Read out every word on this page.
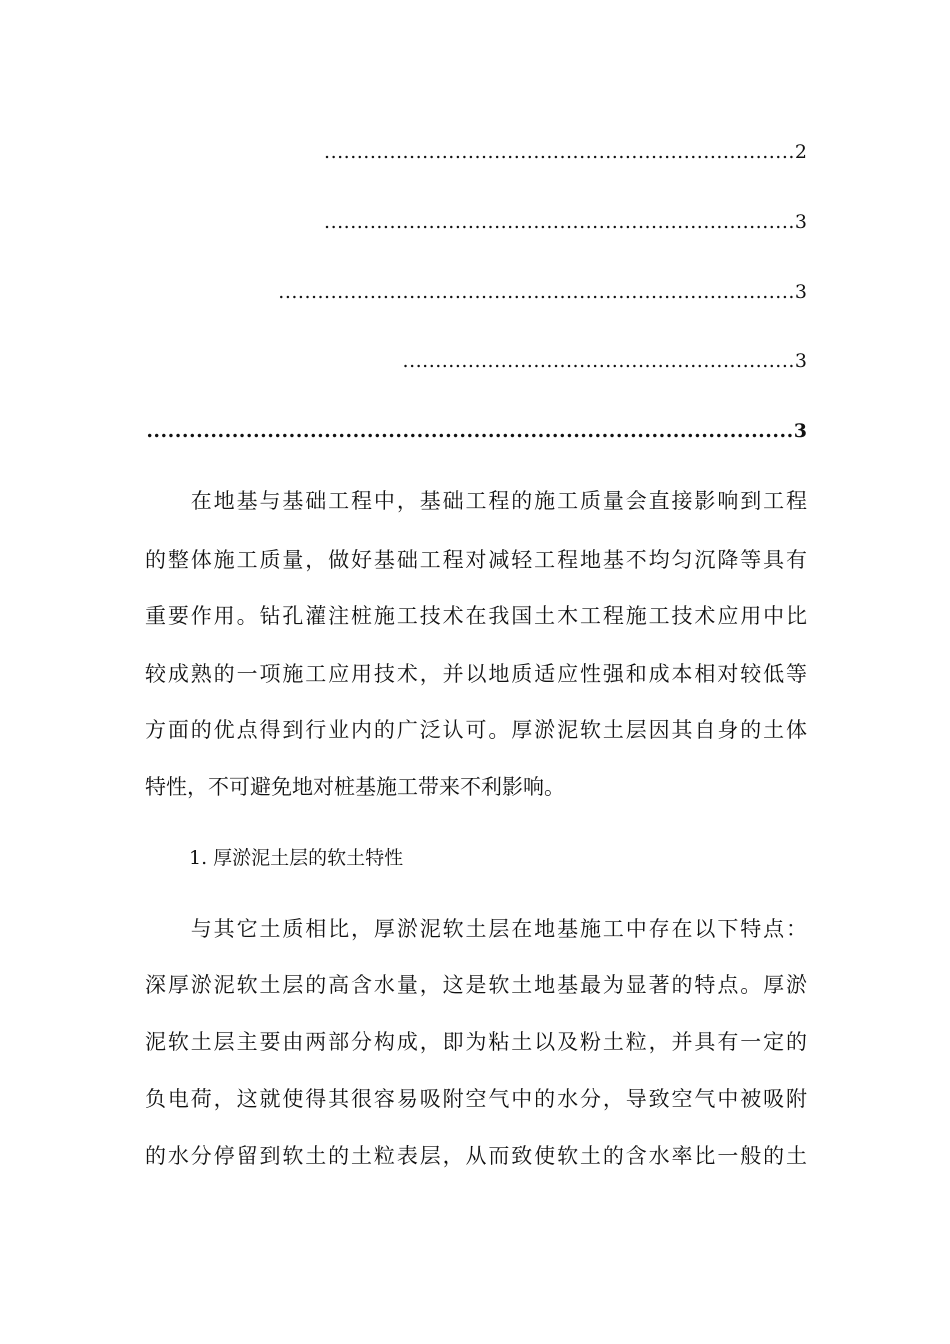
........................................................................ 2
........................................................................ 3
............................................................................... 3
............................................................ 3
........................................................................................... 3
　　在地基与基础工程中，基础工程的施工质量会直接影响到工程
的整体施工质量，做好基础工程对减轻工程地基不均匀沉降等具有
重要作用。钻孔灌注桩施工技术在我国土木工程施工技术应用中比
较成熟的一项施工应用技术，并以地质适应性强和成本相对较低等
方面的优点得到行业内的广泛认可。厚淤泥软土层因其自身的土体
特性，不可避免地对桩基施工带来不利影响。
1. 厚淤泥土层的软土特性
　　与其它土质相比，厚淤泥软土层在地基施工中存在以下特点：
深厚淤泥软土层的高含水量，这是软土地基最为显著的特点。厚淤
泥软土层主要由两部分构成，即为粘土以及粉土粒，并具有一定的
负电荷，这就使得其很容易吸附空气中的水分，导致空气中被吸附
的水分停留到软土的土粒表层，从而致使软土的含水率比一般的土
